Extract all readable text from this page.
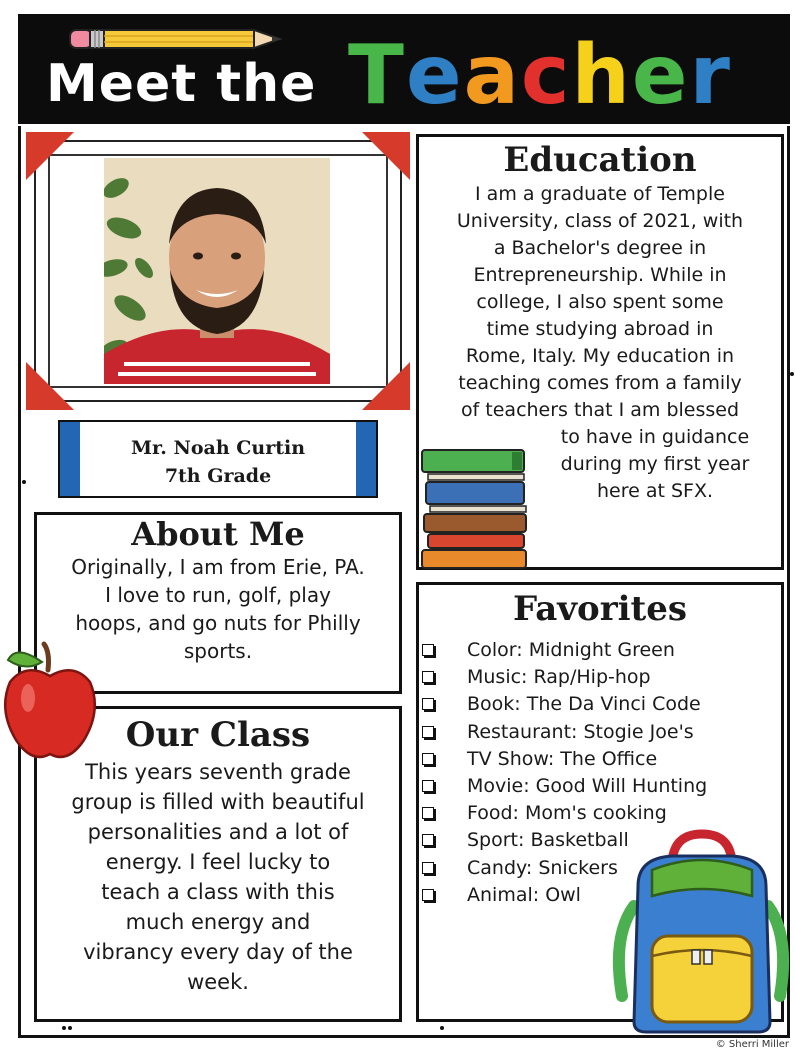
Meet the Teacher
Mr. Noah Curtin
7th Grade
Education
I am a graduate of Temple
University, class of 2021, with
a Bachelor's degree in
Entrepreneurship. While in
college, I also spent some
time studying abroad in
Rome, Italy. My education in
teaching comes from a family
of teachers that I am blessed
to have in guidance
during my first year
here at SFX.
About Me
Originally, I am from Erie, PA.
I love to run, golf, play
hoops, and go nuts for Philly
sports.
Our Class
This years seventh grade
group is filled with beautiful
personalities and a lot of
energy. I feel lucky to
teach a class with this
much energy and
vibrancy every day of the
week.
Favorites
Color: Midnight Green
Music: Rap/Hip-hop
Book: The Da Vinci Code
Restaurant: Stogie Joe's
TV Show: The Office
Movie: Good Will Hunting
Food: Mom's cooking
Sport: Basketball
Candy: Snickers
Animal: Owl
© Sherri Miller
